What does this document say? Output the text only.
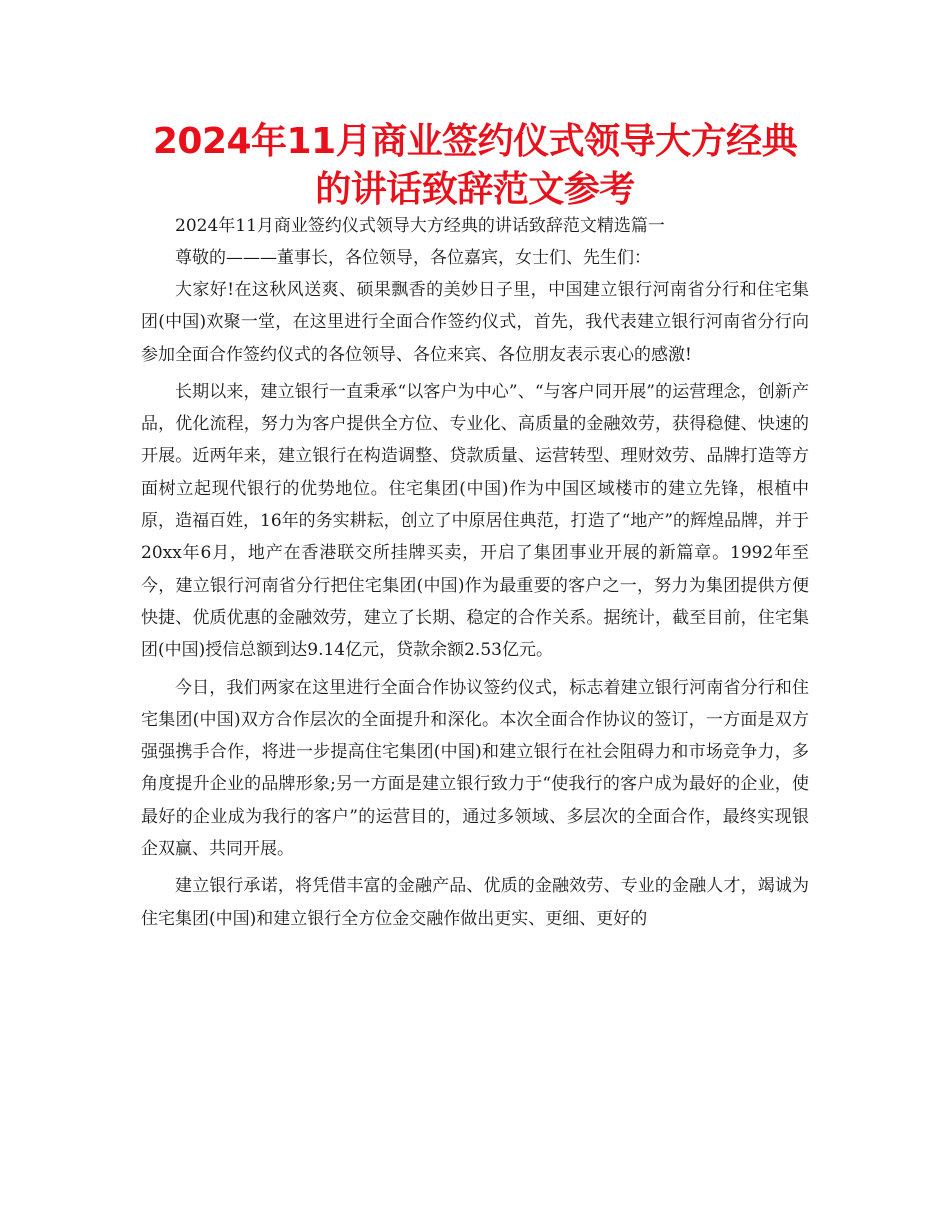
2024年11月商业签约仪式领导大方经典的讲话致辞范文参考

2024年11月商业签约仪式领导大方经典的讲话致辞范文精选篇一

尊敬的———董事长，各位领导，各位嘉宾，女士们、先生们：

大家好!在这秋风送爽、硕果飘香的美妙日子里，中国建立银行河南省分行和住宅集团(中国)欢聚一堂，在这里进行全面合作签约仪式，首先，我代表建立银行河南省分行向参加全面合作签约仪式的各位领导、各位来宾、各位朋友表示衷心的感激!

长期以来，建立银行一直秉承“以客户为中心”、“与客户同开展”的运营理念，创新产品，优化流程，努力为客户提供全方位、专业化、高质量的金融效劳，获得稳健、快速的开展。近两年来，建立银行在构造调整、贷款质量、运营转型、理财效劳、品牌打造等方面树立起现代银行的优势地位。住宅集团(中国)作为中国区域楼市的建立先锋，根植中原，造福百姓，16年的务实耕耘，创立了中原居住典范，打造了“地产”的辉煌品牌，并于20xx年6月，地产在香港联交所挂牌买卖，开启了集团事业开展的新篇章。1992年至今，建立银行河南省分行把住宅集团(中国)作为最重要的客户之一，努力为集团提供方便快捷、优质优惠的金融效劳，建立了长期、稳定的合作关系。据统计，截至目前，住宅集团(中国)授信总额到达9.14亿元，贷款余额2.53亿元。

今日，我们两家在这里进行全面合作协议签约仪式，标志着建立银行河南省分行和住宅集团(中国)双方合作层次的全面提升和深化。本次全面合作协议的签订，一方面是双方强强携手合作，将进一步提高住宅集团(中国)和建立银行在社会阻碍力和市场竞争力，多角度提升企业的品牌形象;另一方面是建立银行致力于“使我行的客户成为最好的企业，使最好的企业成为我行的客户”的运营目的，通过多领域、多层次的全面合作，最终实现银企双赢、共同开展。

建立银行承诺，将凭借丰富的金融产品、优质的金融效劳、专业的金融人才，竭诚为住宅集团(中国)和建立银行全方位金交融作做出更实、更细、更好的
